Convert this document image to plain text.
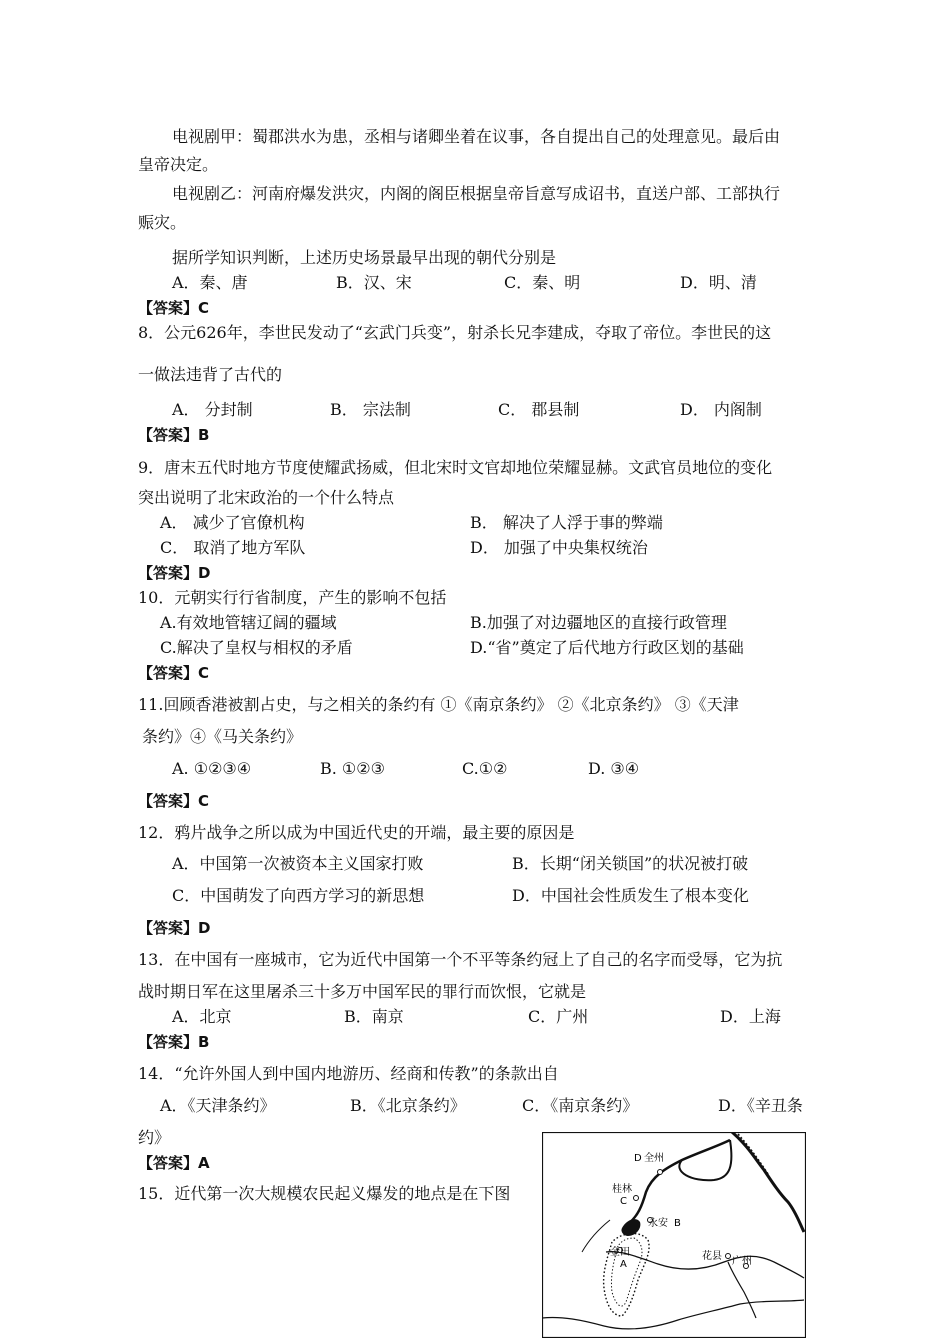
电视剧甲：蜀郡洪水为患，丞相与诸卿坐着在议事，各自提出自己的处理意见。最后由
皇帝决定。
电视剧乙：河南府爆发洪灾，内阁的阁臣根据皇帝旨意写成诏书，直送户部、工部执行
赈灾。
据所学知识判断，上述历史场景最早出现的朝代分别是
A．秦、唐	B．汉、宋	C．秦、明	D．明、清
【答案】C
8．公元626年，李世民发动了“玄武门兵变”，射杀长兄李建成，夺取了帝位。李世民的这
一做法违背了古代的
A． 分封制	B． 宗法制	C． 郡县制	D． 内阁制
【答案】B
9．唐末五代时地方节度使耀武扬威，但北宋时文官却地位荣耀显赫。文武官员地位的变化
突出说明了北宋政治的一个什么特点
A． 减少了官僚机构	B． 解决了人浮于事的弊端
C． 取消了地方军队	D． 加强了中央集权统治
【答案】D
10．元朝实行行省制度，产生的影响不包括
A.有效地管辖辽阔的疆域	B.加强了对边疆地区的直接行政管理
C.解决了皇权与相权的矛盾	D.“省”奠定了后代地方行政区划的基础
【答案】C
11.回顾香港被割占史，与之相关的条约有 ①《南京条约》 ②《北京条约》 ③《天津
条约》④《马关条约》
A. ①②③④	B. ①②③	C.①②	D. ③④
【答案】C
12．鸦片战争之所以成为中国近代史的开端，最主要的原因是
A．中国第一次被资本主义国家打败	B．长期“闭关锁国”的状况被打破
C．中国萌发了向西方学习的新思想	D．中国社会性质发生了根本变化
【答案】D
13．在中国有一座城市，它为近代中国第一个不平等条约冠上了自己的名字而受辱，它为抗
战时期日军在这里屠杀三十多万中国军民的罪行而饮恨，它就是
A．北京	B．南京	C．广州	D．上海
【答案】B
14．“允许外国人到中国内地游历、经商和传教”的条款出自
A．《天津条约》	B．《北京条约》	C．《南京条约》	D．《辛丑条
约》
【答案】A
15．近代第一次大规模农民起义爆发的地点是在下图
D 全州
桂林
C
永安 B
金田
A
花县 广州
